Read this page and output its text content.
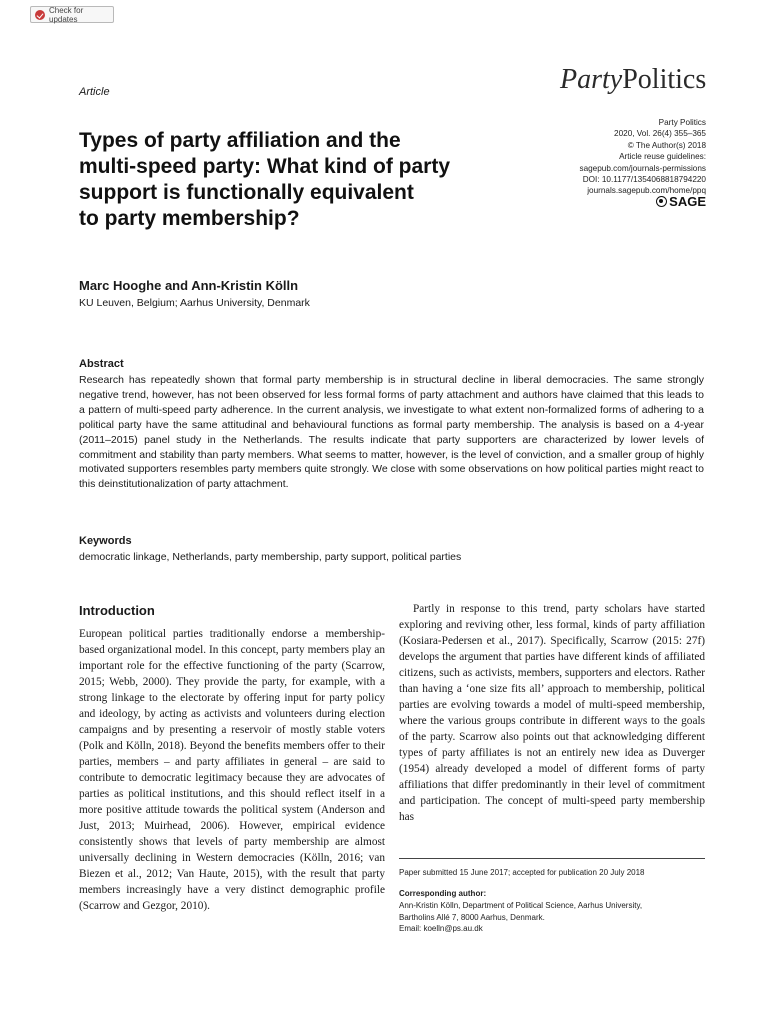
Check for updates
Article	PartyPolitics
Party Politics
2020, Vol. 26(4) 355–365
© The Author(s) 2018
Article reuse guidelines:
sagepub.com/journals-permissions
DOI: 10.1177/1354068818794220
journals.sagepub.com/home/ppq
SAGE
Types of party affiliation and the
multi-speed party: What kind of party
support is functionally equivalent
to party membership?
Marc Hooghe and Ann-Kristin Kölln
KU Leuven, Belgium; Aarhus University, Denmark
Abstract
Research has repeatedly shown that formal party membership is in structural decline in liberal democracies. The same strongly negative trend, however, has not been observed for less formal forms of party attachment and authors have claimed that this leads to a pattern of multi-speed party adherence. In the current analysis, we investigate to what extent non-formalized forms of adhering to a political party have the same attitudinal and behavioural functions as formal party membership. The analysis is based on a 4-year (2011–2015) panel study in the Netherlands. The results indicate that party supporters are characterized by lower levels of commitment and stability than party members. What seems to matter, however, is the level of conviction, and a smaller group of highly motivated supporters resembles party members quite strongly. We close with some observations on how political parties might react to this deinstitutionalization of party attachment.
Keywords
democratic linkage, Netherlands, party membership, party support, political parties
Introduction

European political parties traditionally endorse a membership-based organizational model. In this concept, party members play an important role for the effective functioning of the party (Scarrow, 2015; Webb, 2000). They provide the party, for example, with a strong linkage to the electorate by offering input for party policy and ideology, by acting as activists and volunteers during election campaigns and by presenting a reservoir of mostly stable voters (Polk and Kölln, 2018). Beyond the benefits members offer to their parties, members – and party affiliates in general – are said to contribute to democratic legitimacy because they are advocates of parties as political institutions, and this should reflect itself in a more positive attitude towards the political system (Anderson and Just, 2013; Muirhead, 2006). However, empirical evidence consistently shows that levels of party membership are almost universally declining in Western democracies (Kölln, 2016; van Biezen et al., 2012; Van Haute, 2015), with the result that party members increasingly have a very distinct demographic profile (Scarrow and Gezgor, 2010).

Partly in response to this trend, party scholars have started exploring and reviving other, less formal, kinds of party affiliation (Kosiara-Pedersen et al., 2017). Specifically, Scarrow (2015: 27f) develops the argument that parties have different kinds of affiliated citizens, such as activists, members, supporters and electors. Rather than having a ‘one size fits all’ approach to membership, political parties are evolving towards a model of multi-speed membership, where the various groups contribute in different ways to the goals of the party. Scarrow also points out that acknowledging different types of party affiliates is not an entirely new idea as Duverger (1954) already developed a model of different forms of party affiliations that differ predominantly in their level of commitment and participation. The concept of multi-speed party membership has

Paper submitted 15 June 2017; accepted for publication 20 July 2018
Corresponding author:
Ann-Kristin Kölln, Department of Political Science, Aarhus University,
Bartholins Allé 7, 8000 Aarhus, Denmark.
Email: koelln@ps.au.dk
